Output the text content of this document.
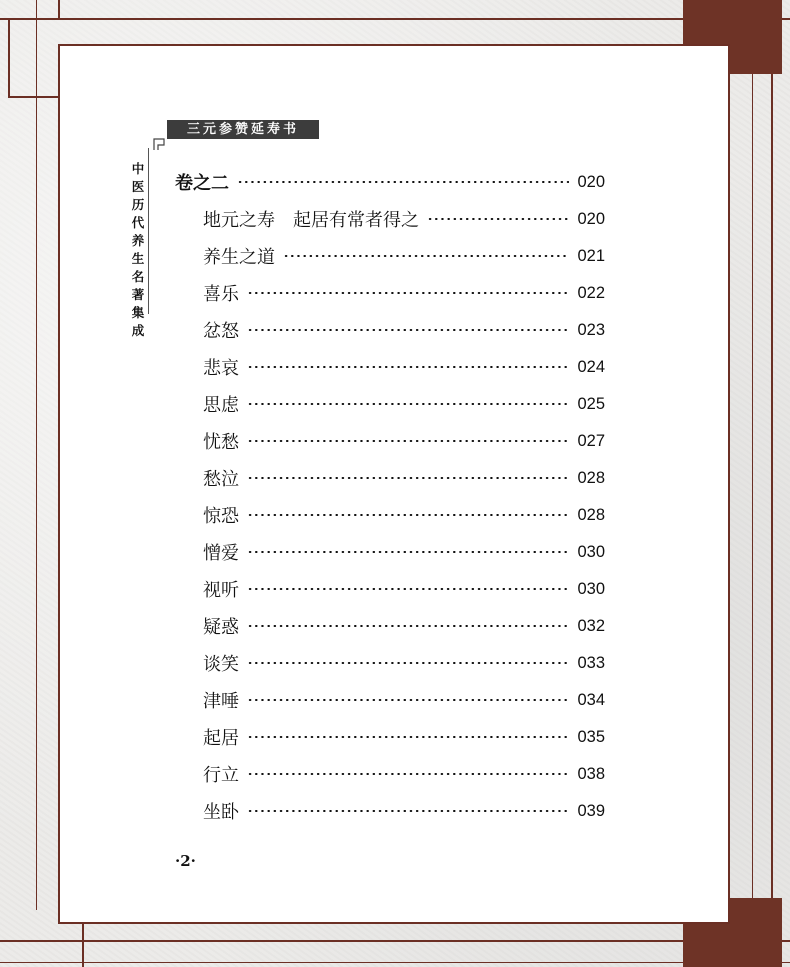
三元参赞延寿书
中
医
历
代
养
生
名
著
集
成
卷之二	020
地元之寿　起居有常者得之	020
养生之道	021
喜乐	022
忿怒	023
悲哀	024
思虑	025
忧愁	027
愁泣	028
惊恐	028
憎爱	030
视听	030
疑惑	032
谈笑	033
津唾	034
起居	035
行立	038
坐卧	039
·2·
